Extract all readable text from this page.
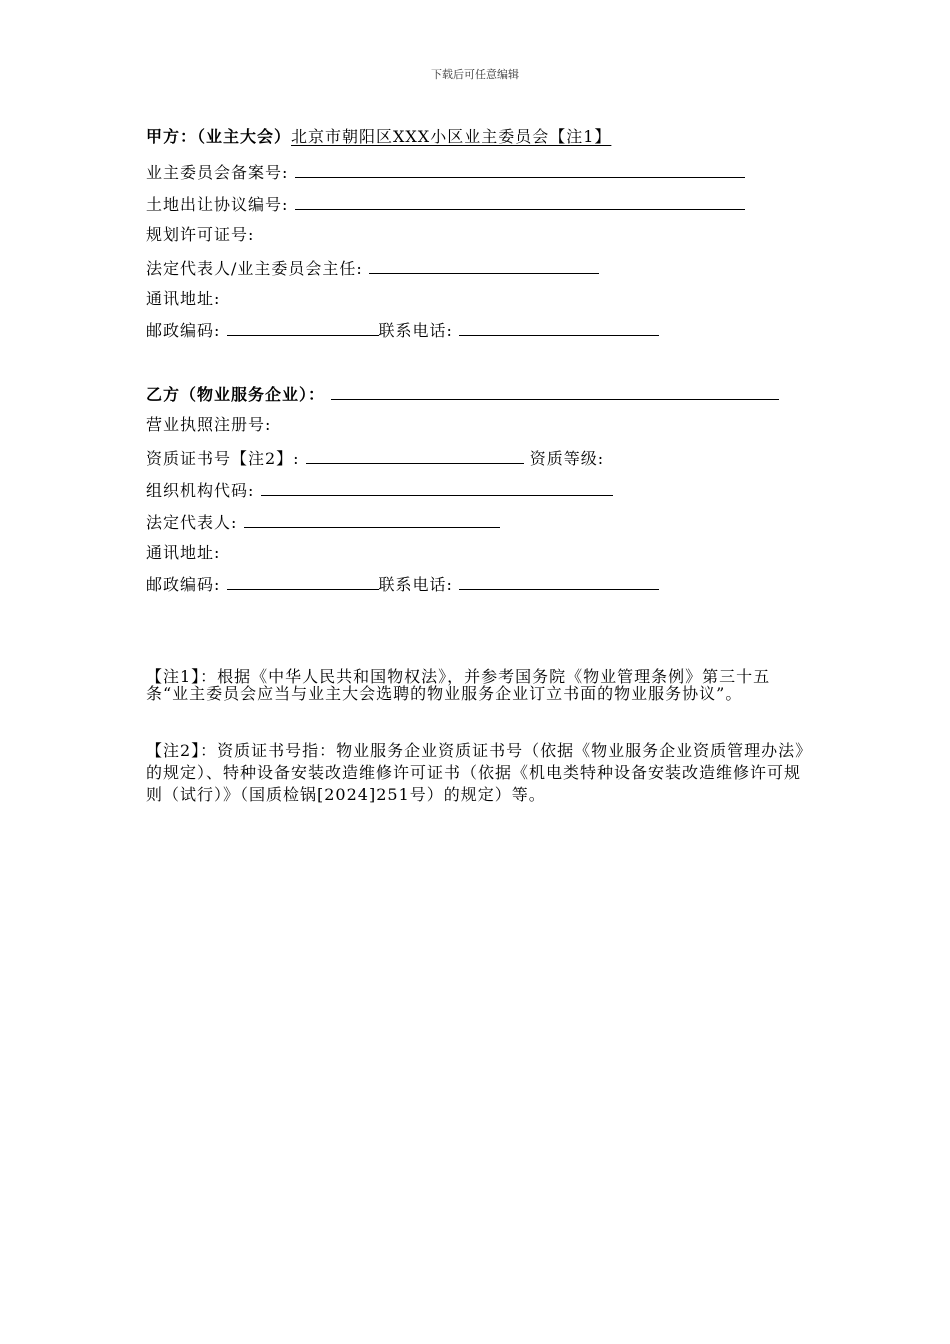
下载后可任意编辑
甲方：（业主大会）北京市朝阳区XXX小区业主委员会【注1】
业主委员会备案号:
土地出让协议编号:
规划许可证号:
法定代表人/业主委员会主任:
通讯地址:
邮政编码:	联系电话:
乙方（物业服务企业）：
营业执照注册号:
资质证书号【注2】:	资质等级:
组织机构代码:
法定代表人:
通讯地址:
邮政编码:	联系电话:
【注1】：根据《中华人民共和国物权法》，并参考国务院《物业管理条例》第三十五条“业主委员会应当与业主大会选聘的物业服务企业订立书面的物业服务协议”。
【注2】：资质证书号指：物业服务企业资质证书号（依据《物业服务企业资质管理办法》的规定）、特种设备安装改造维修许可证书（依据《机电类特种设备安装改造维修许可规则（试行）》（国质检锅[2024]251号）的规定）等。
